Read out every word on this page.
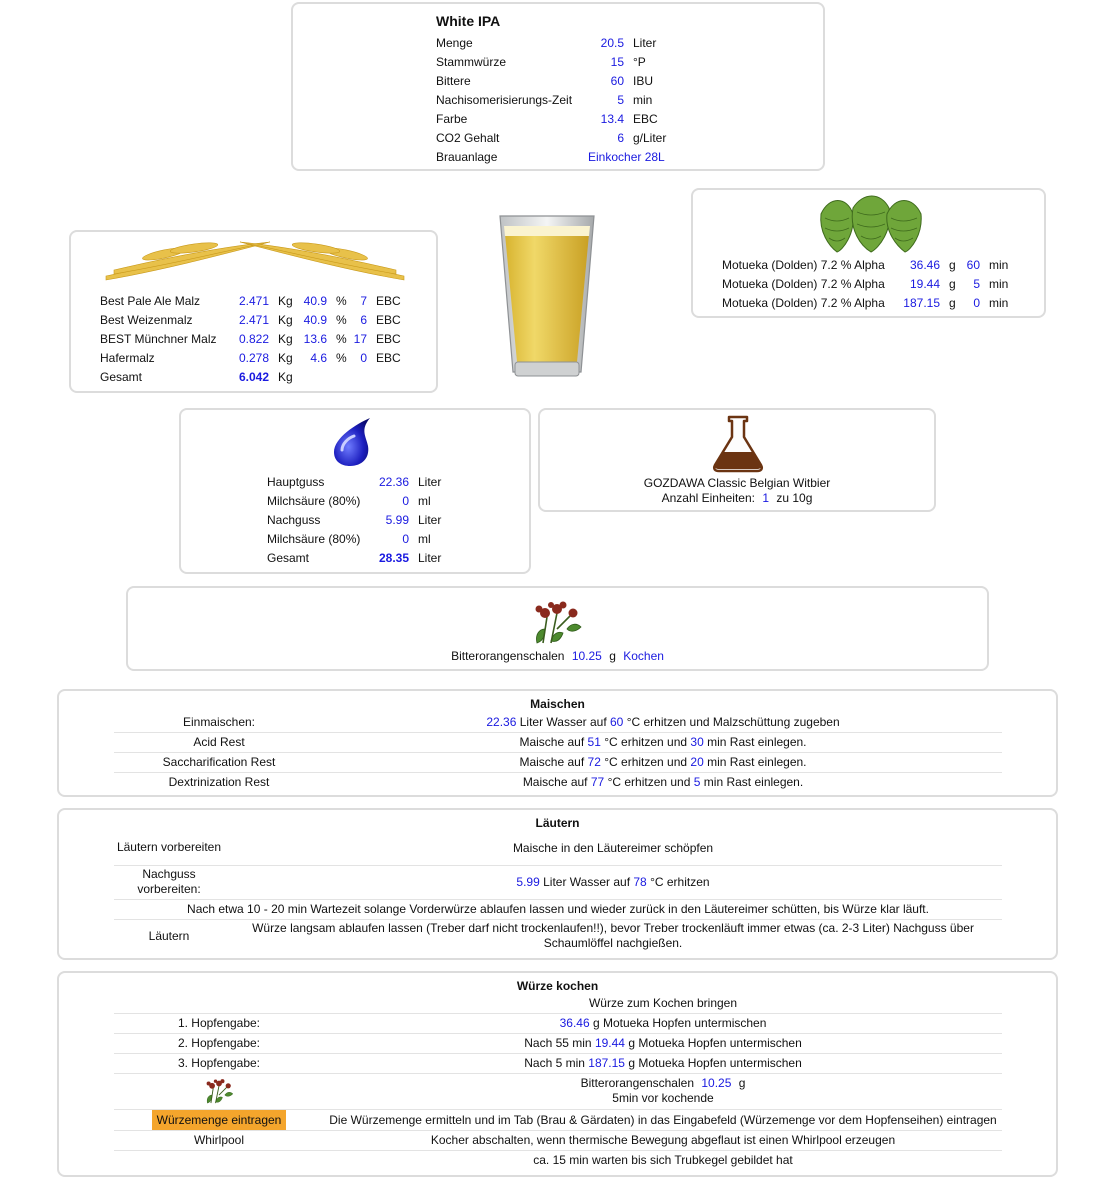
White IPA
Menge	20.5	Liter
Stammwürze	15	°P
Bittere	60	IBU
Nachisomerisierungs-Zeit	5	min
Farbe	13.4	EBC
CO2 Gehalt	6	g/Liter
Brauanlage	Einkocher 28L	
Best Pale Ale Malz	2.471	Kg	40.9	%	7	EBC
Best Weizenmalz	2.471	Kg	40.9	%	6	EBC
BEST Münchner Malz	0.822	Kg	13.6	%	17	EBC
Hafermalz	0.278	Kg	4.6	%	0	EBC
Gesamt	6.042	Kg				
Motueka (Dolden) 7.2 % Alpha	36.46	g	60	min
Motueka (Dolden) 7.2 % Alpha	19.44	g	5	min
Motueka (Dolden) 7.2 % Alpha	187.15	g	0	min
Hauptguss	22.36	Liter
Milchsäure (80%)	0	ml
Nachguss	5.99	Liter
Milchsäure (80%)	0	ml
Gesamt	28.35	Liter
GOZDAWA Classic Belgian Witbier
Anzahl Einheiten: 1 zu 10g
Bitterorangenschalen 10.25 g Kochen
Maischen
Einmaischen:	22.36 Liter Wasser auf 60 °C erhitzen und Malzschüttung zugeben
Acid Rest	Maische auf 51 °C erhitzen und 30 min Rast einlegen.
Saccharification Rest	Maische auf 72 °C erhitzen und 20 min Rast einlegen.
Dextrinization Rest	Maische auf 77 °C erhitzen und 5 min Rast einlegen.
Läutern
Läutern vorbereiten	Maische in den Läutereimer schöpfen
Nachguss vorbereiten:	5.99 Liter Wasser auf 78 °C erhitzen
Nach etwa 10 - 20 min Wartezeit solange Vorderwürze ablaufen lassen und wieder zurück in den Läutereimer schütten, bis Würze klar läuft.	
Läutern	Würze langsam ablaufen lassen (Treber darf nicht trockenlaufen!!), bevor Treber trockenläuft immer etwas (ca. 2-3 Liter) Nachguss über Schaumlöffel nachgießen.
Würze kochen
	Würze zum Kochen bringen
1. Hopfengabe:	36.46 g Motueka Hopfen untermischen
2. Hopfengabe:	Nach 55 min 19.44 g Motueka Hopfen untermischen
3. Hopfengabe:	Nach 5 min 187.15 g Motueka Hopfen untermischen

Bitterorangenschalen 10.25 g
5min vor kochende

Würzemenge eintragen	Die Würzemenge ermitteln und im Tab (Brau & Gärdaten) in das Eingabefeld (Würzemenge vor dem Hopfenseihen) eintragen
Whirlpool	Kocher abschalten, wenn thermische Bewegung abgeflaut ist einen Whirlpool erzeugen
	ca. 15 min warten bis sich Trubkegel gebildet hat
